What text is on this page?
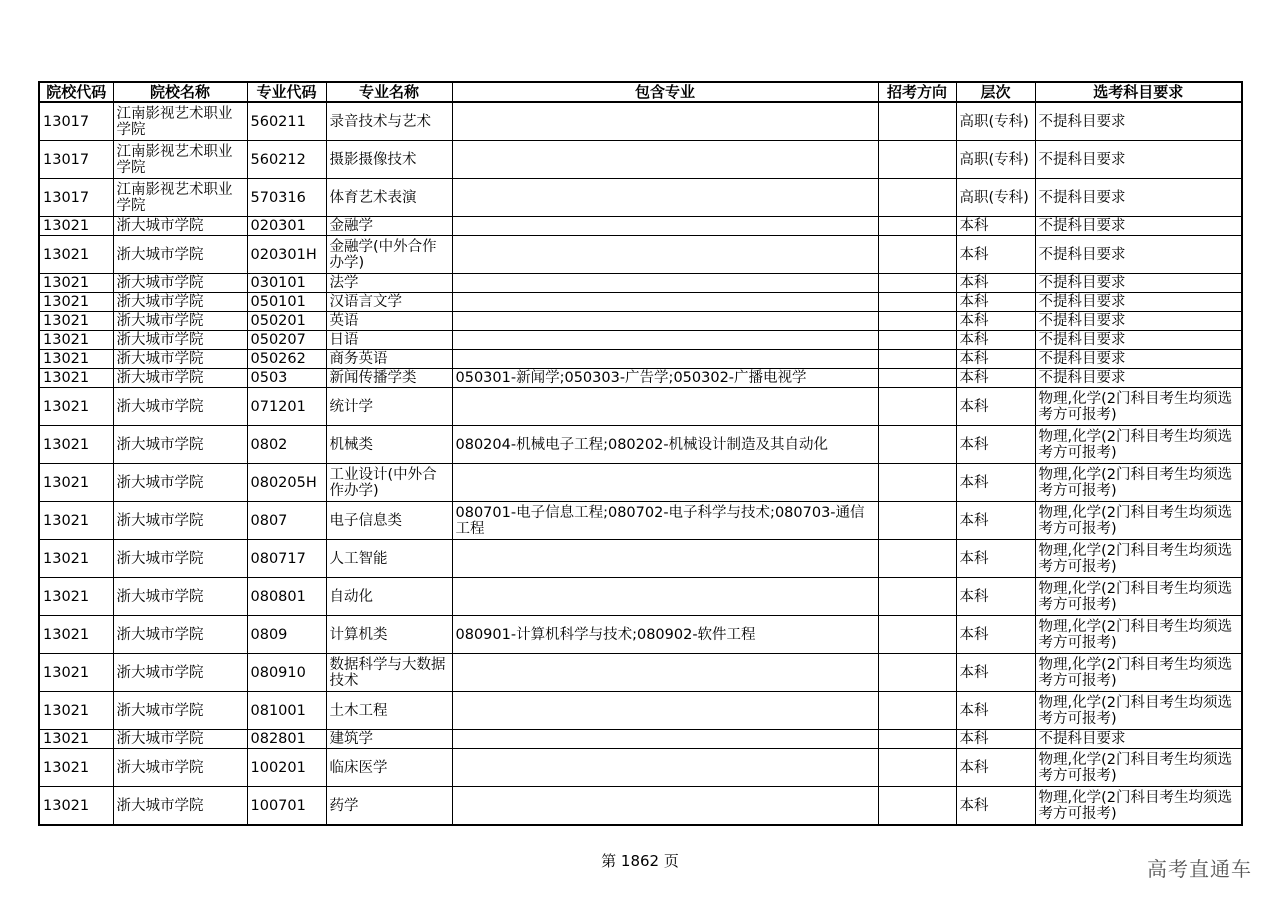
院校代码	院校名称	专业代码	专业名称	包含专业	招考方向	层次	选考科目要求
13017	江南影视艺术职业学院	560211	录音技术与艺术			高职(专科)	不提科目要求
13017	江南影视艺术职业学院	560212	摄影摄像技术			高职(专科)	不提科目要求
13017	江南影视艺术职业学院	570316	体育艺术表演			高职(专科)	不提科目要求
13021	浙大城市学院	020301	金融学			本科	不提科目要求
13021	浙大城市学院	020301H	金融学(中外合作办学)			本科	不提科目要求
13021	浙大城市学院	030101	法学			本科	不提科目要求
13021	浙大城市学院	050101	汉语言文学			本科	不提科目要求
13021	浙大城市学院	050201	英语			本科	不提科目要求
13021	浙大城市学院	050207	日语			本科	不提科目要求
13021	浙大城市学院	050262	商务英语			本科	不提科目要求
13021	浙大城市学院	0503	新闻传播学类	050301-新闻学;050303-广告学;050302-广播电视学		本科	不提科目要求
13021	浙大城市学院	071201	统计学			本科	物理,化学(2门科目考生均须选考方可报考)
13021	浙大城市学院	0802	机械类	080204-机械电子工程;080202-机械设计制造及其自动化		本科	物理,化学(2门科目考生均须选考方可报考)
13021	浙大城市学院	080205H	工业设计(中外合作办学)			本科	物理,化学(2门科目考生均须选考方可报考)
13021	浙大城市学院	0807	电子信息类	080701-电子信息工程;080702-电子科学与技术;080703-通信工程		本科	物理,化学(2门科目考生均须选考方可报考)
13021	浙大城市学院	080717	人工智能			本科	物理,化学(2门科目考生均须选考方可报考)
13021	浙大城市学院	080801	自动化			本科	物理,化学(2门科目考生均须选考方可报考)
13021	浙大城市学院	0809	计算机类	080901-计算机科学与技术;080902-软件工程		本科	物理,化学(2门科目考生均须选考方可报考)
13021	浙大城市学院	080910	数据科学与大数据技术			本科	物理,化学(2门科目考生均须选考方可报考)
13021	浙大城市学院	081001	土木工程			本科	物理,化学(2门科目考生均须选考方可报考)
13021	浙大城市学院	082801	建筑学			本科	不提科目要求
13021	浙大城市学院	100201	临床医学			本科	物理,化学(2门科目考生均须选考方可报考)
13021	浙大城市学院	100701	药学			本科	物理,化学(2门科目考生均须选考方可报考)
第 1862 页	高考直通车
